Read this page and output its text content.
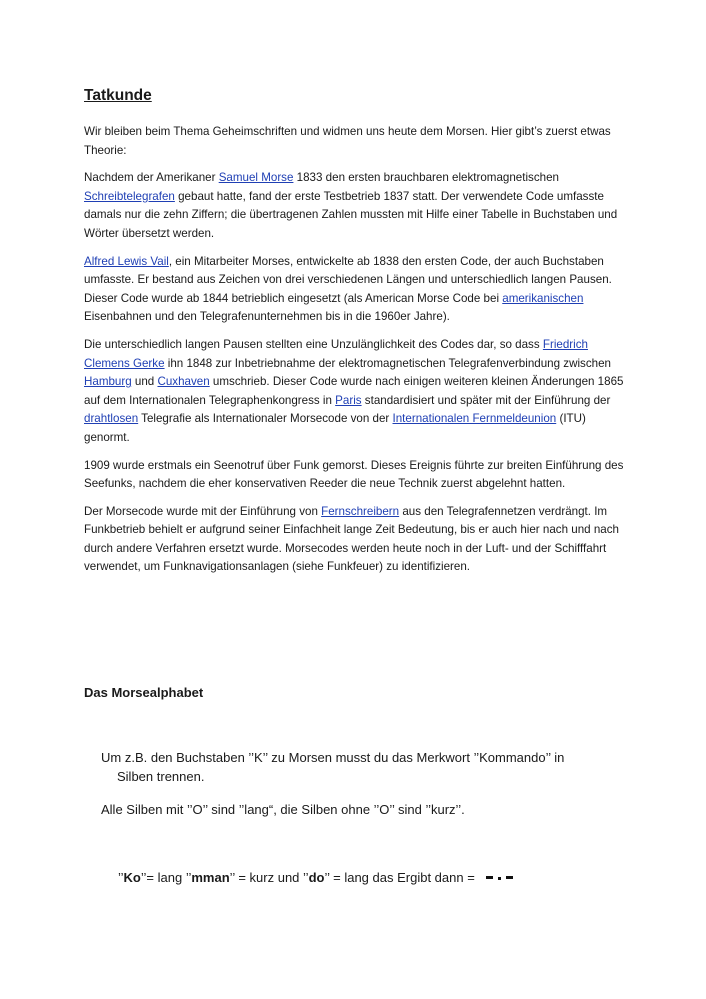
Tatkunde

Wir bleiben beim Thema Geheimschriften und widmen uns heute dem Morsen. Hier gibt’s zuerst etwas Theorie:

Nachdem der Amerikaner Samuel Morse 1833 den ersten brauchbaren elektromagnetischen Schreibtelegrafen gebaut hatte, fand der erste Testbetrieb 1837 statt. Der verwendete Code umfasste damals nur die zehn Ziffern; die übertragenen Zahlen mussten mit Hilfe einer Tabelle in Buchstaben und Wörter übersetzt werden.

Alfred Lewis Vail, ein Mitarbeiter Morses, entwickelte ab 1838 den ersten Code, der auch Buchstaben umfasste. Er bestand aus Zeichen von drei verschiedenen Längen und unterschiedlich langen Pausen. Dieser Code wurde ab 1844 betrieblich eingesetzt (als American Morse Code bei amerikanischen Eisenbahnen und den Telegrafenunternehmen bis in die 1960er Jahre).

Die unterschiedlich langen Pausen stellten eine Unzulänglichkeit des Codes dar, so dass Friedrich Clemens Gerke ihn 1848 zur Inbetriebnahme der elektromagnetischen Telegrafenverbindung zwischen Hamburg und Cuxhaven umschrieb. Dieser Code wurde nach einigen weiteren kleinen Änderungen 1865 auf dem Internationalen Telegraphenkongress in Paris standardisiert und später mit der Einführung der drahtlosen Telegrafie als Internationaler Morsecode von der Internationalen Fernmeldeunion (ITU) genormt.

1909 wurde erstmals ein Seenotruf über Funk gemorst. Dieses Ereignis führte zur breiten Einführung des Seefunks, nachdem die eher konservativen Reeder die neue Technik zuerst abgelehnt hatten.

Der Morsecode wurde mit der Einführung von Fernschreibern aus den Telegrafennetzen verdrängt. Im Funkbetrieb behielt er aufgrund seiner Einfachheit lange Zeit Bedeutung, bis er auch hier nach und nach durch andere Verfahren ersetzt wurde. Morsecodes werden heute noch in der Luft- und der Schifffahrt verwendet, um Funknavigationsanlagen (siehe Funkfeuer) zu identifizieren.

Das Morsealphabet
Um z.B. den Buchstaben ’’K’’ zu Morsen musst du das Merkwort ’’Kommando’’ in
Silben trennen.
Alle Silben mit ’’O’’ sind ’’lang“, die Silben ohne ’’O’’ sind ’’kurz’’.
’’Ko’’= lang ’’mman’’ = kurz und ’’do’’ = lang das Ergibt dann =
